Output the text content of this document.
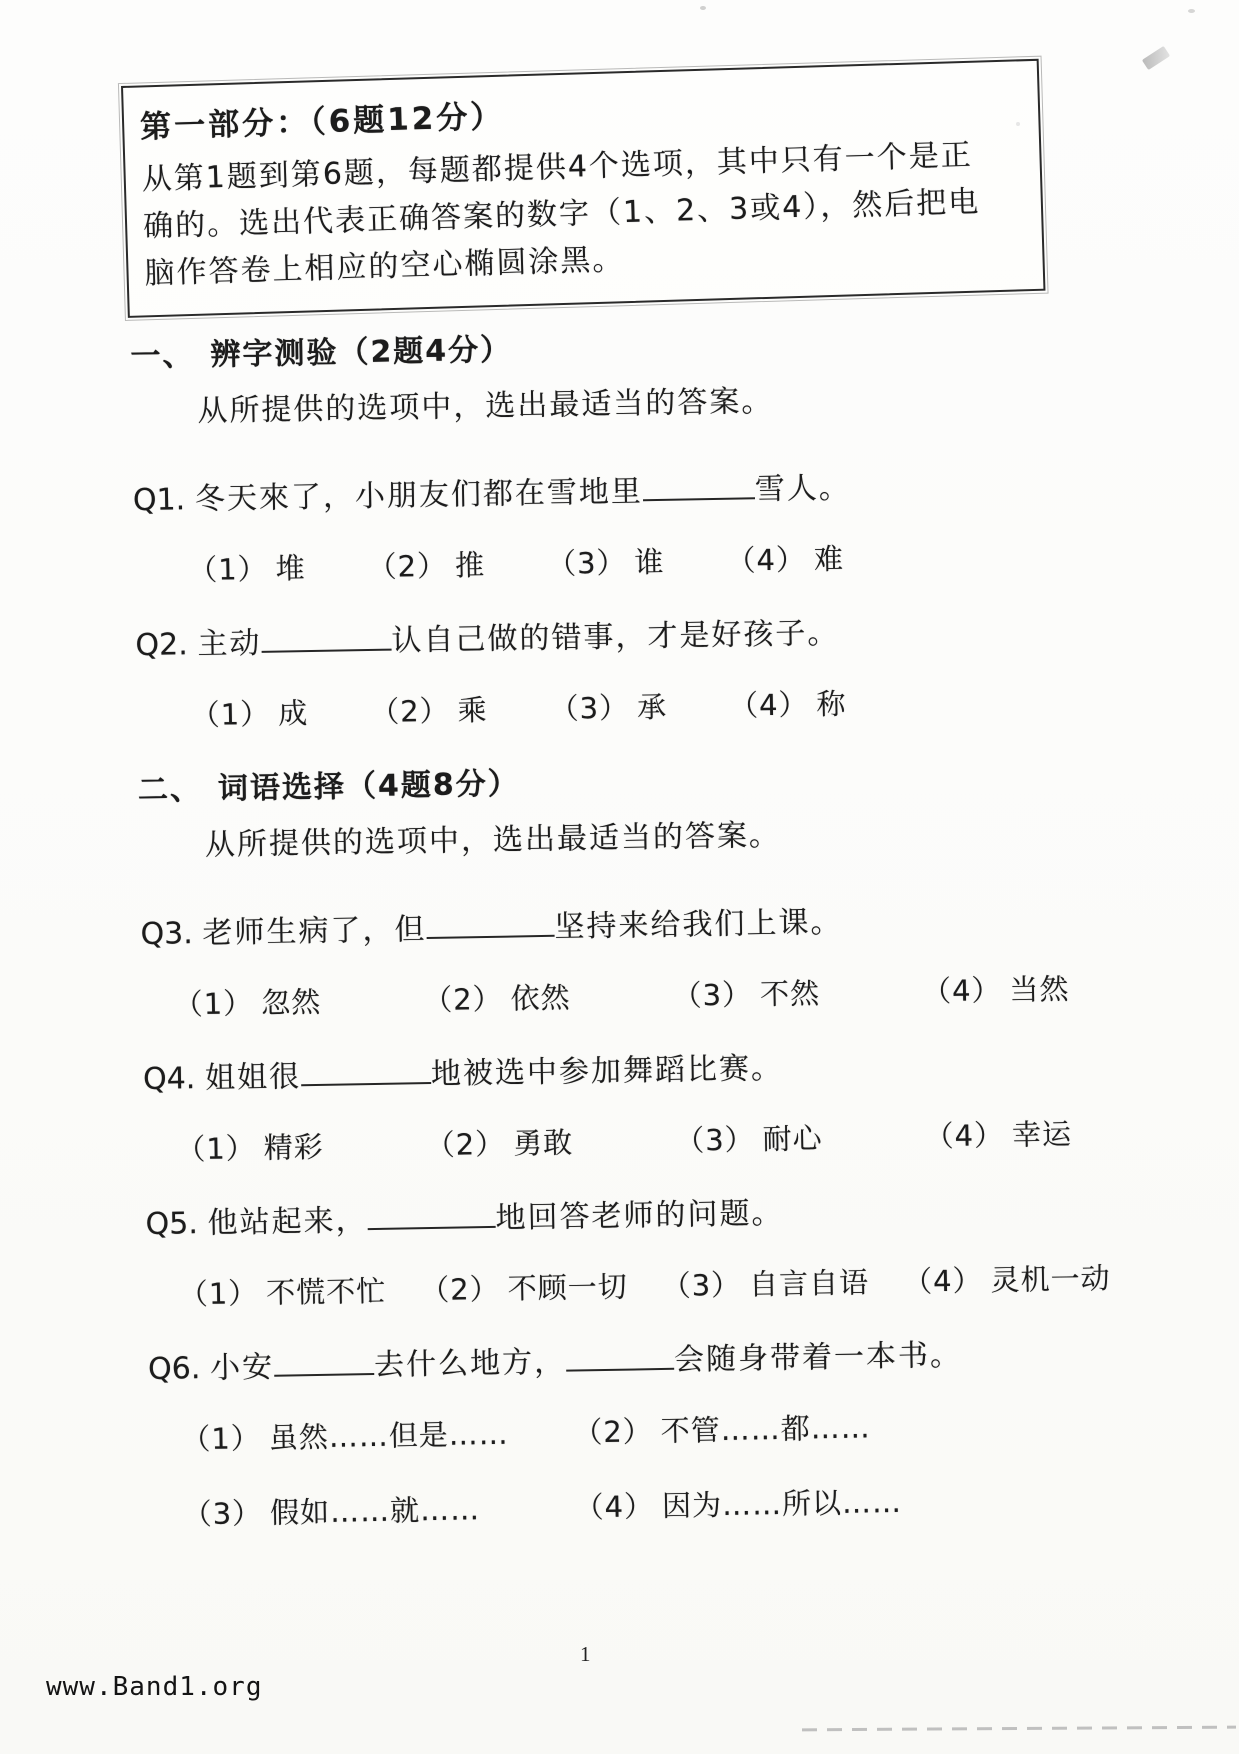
第一部分：（6题12分）
从第1题到第6题，每题都提供4个选项，其中只有一个是正
确的。选出代表正确答案的数字（1、2、3或4），然后把电
脑作答卷上相应的空心椭圆涂黑。
一、 辨字测验（2题4分）
从所提供的选项中，选出最适当的答案。
Q1. 冬天來了，小朋友们都在雪地里	雪人。
（1） 堆 （2） 推 （3） 谁 （4） 难
Q2. 主动	认自己做的错事，才是好孩子。
（1） 成 （2） 乘 （3） 承 （4） 称
二、 词语选择（4题8分）
从所提供的选项中，选出最适当的答案。
Q3. 老师生病了，但	坚持来给我们上课。
（1） 忽然	（2） 依然	（3） 不然	（4） 当然
Q4. 姐姐很	地被选中参加舞蹈比赛。
（1） 精彩	（2） 勇敢	（3） 耐心	（4） 幸运
Q5. 他站起来，	地回答老师的问题。
（1） 不慌不忙 （2） 不顾一切 （3） 自言自语 （4） 灵机一动
Q6. 小安	去什么地方，	会随身带着一本书。
（1） 虽然……但是……	（2） 不管……都……
（3） 假如……就……	（4） 因为……所以……
1
www.Band1.org
